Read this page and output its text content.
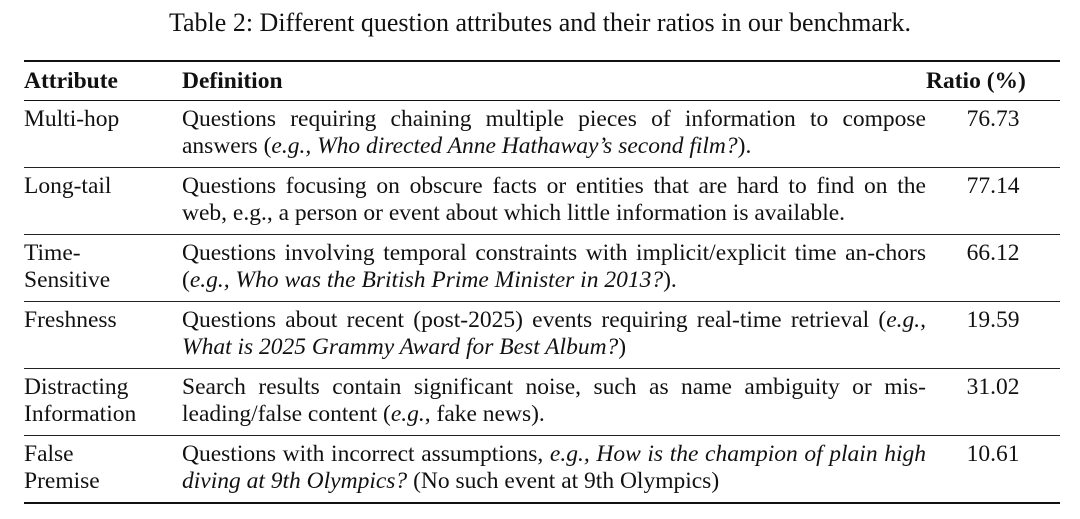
Table 2: Different question attributes and their ratios in our benchmark.
Attribute	Definition	Ratio (%)
Multi-hop	Questions requiring chaining multiple pieces of information to compose answers (e.g., Who directed Anne Hathaway’s second film?).	76.73
Long-tail	Questions focusing on obscure facts or entities that are hard to find on the web, e.g., a person or event about which little information is available.	77.14
Time-
Sensitive	Questions involving temporal constraints with implicit/explicit time an-chors (e.g., Who was the British Prime Minister in 2013?).	66.12
Freshness	Questions about recent (post-2025) events requiring real-time retrieval (e.g., What is 2025 Grammy Award for Best Album?)	19.59
Distracting
Information	Search results contain significant noise, such as name ambiguity or mis-leading/false content (e.g., fake news).	31.02
False
Premise	Questions with incorrect assumptions, e.g., How is the champion of plain high diving at 9th Olympics? (No such event at 9th Olympics)	10.61
